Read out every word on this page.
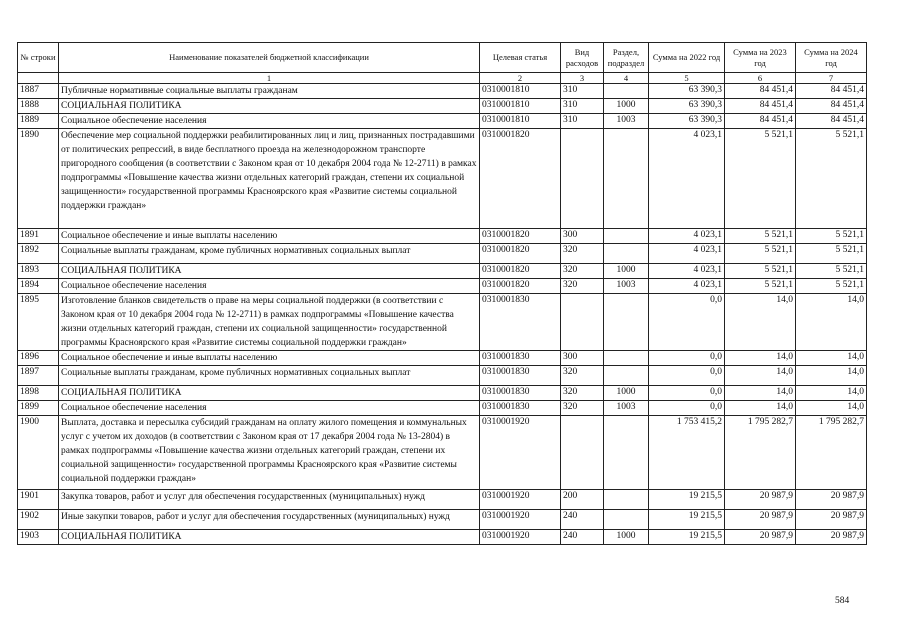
№ строки	Наименование показателей бюджетной классификации	Целевая статья	Вид расходов	Раздел, подраздел	Сумма на 2022 год	Сумма на 2023 год	Сумма на 2024 год
	1	2	3	4	5	6	7
1887	Публичные нормативные социальные выплаты гражданам	0310001810	310		63 390,3	84 451,4	84 451,4
1888	СОЦИАЛЬНАЯ ПОЛИТИКА	0310001810	310	1000	63 390,3	84 451,4	84 451,4
1889	Социальное обеспечение населения	0310001810	310	1003	63 390,3	84 451,4	84 451,4
1890	Обеспечение мер социальной поддержки реабилитированных лиц и лиц, признанных пострадавшими от политических репрессий, в виде бесплатного проезда на железнодорожном транспорте пригородного сообщения (в соответствии с Законом края от 10 декабря 2004 года № 12-2711) в рамках подпрограммы «Повышение качества жизни отдельных категорий граждан, степени их социальной защищенности» государственной программы Красноярского края «Развитие системы социальной поддержки граждан»	0310001820			4 023,1	5 521,1	5 521,1
1891	Социальное обеспечение и иные выплаты населению	0310001820	300		4 023,1	5 521,1	5 521,1
1892	Социальные выплаты гражданам, кроме публичных нормативных социальных выплат	0310001820	320		4 023,1	5 521,1	5 521,1
1893	СОЦИАЛЬНАЯ ПОЛИТИКА	0310001820	320	1000	4 023,1	5 521,1	5 521,1
1894	Социальное обеспечение населения	0310001820	320	1003	4 023,1	5 521,1	5 521,1
1895	Изготовление бланков свидетельств о праве на меры социальной поддержки (в соответствии с Законом края от 10 декабря 2004 года № 12-2711) в рамках подпрограммы «Повышение качества жизни отдельных категорий граждан, степени их социальной защищенности» государственной программы Красноярского края «Развитие системы социальной поддержки граждан»	0310001830			0,0	14,0	14,0
1896	Социальное обеспечение и иные выплаты населению	0310001830	300		0,0	14,0	14,0
1897	Социальные выплаты гражданам, кроме публичных нормативных социальных выплат	0310001830	320		0,0	14,0	14,0
1898	СОЦИАЛЬНАЯ ПОЛИТИКА	0310001830	320	1000	0,0	14,0	14,0
1899	Социальное обеспечение населения	0310001830	320	1003	0,0	14,0	14,0
1900	Выплата, доставка и пересылка субсидий гражданам на оплату жилого помещения и коммунальных услуг с учетом их доходов (в соответствии с Законом края от 17 декабря 2004 года № 13-2804) в рамках подпрограммы «Повышение качества жизни отдельных категорий граждан, степени их социальной защищенности» государственной программы Красноярского края «Развитие системы социальной поддержки граждан»	0310001920			1 753 415,2	1 795 282,7	1 795 282,7
1901	Закупка товаров, работ и услуг для обеспечения государственных (муниципальных) нужд	0310001920	200		19 215,5	20 987,9	20 987,9
1902	Иные закупки товаров, работ и услуг для обеспечения государственных (муниципальных) нужд	0310001920	240		19 215,5	20 987,9	20 987,9
1903	СОЦИАЛЬНАЯ ПОЛИТИКА	0310001920	240	1000	19 215,5	20 987,9	20 987,9
584
